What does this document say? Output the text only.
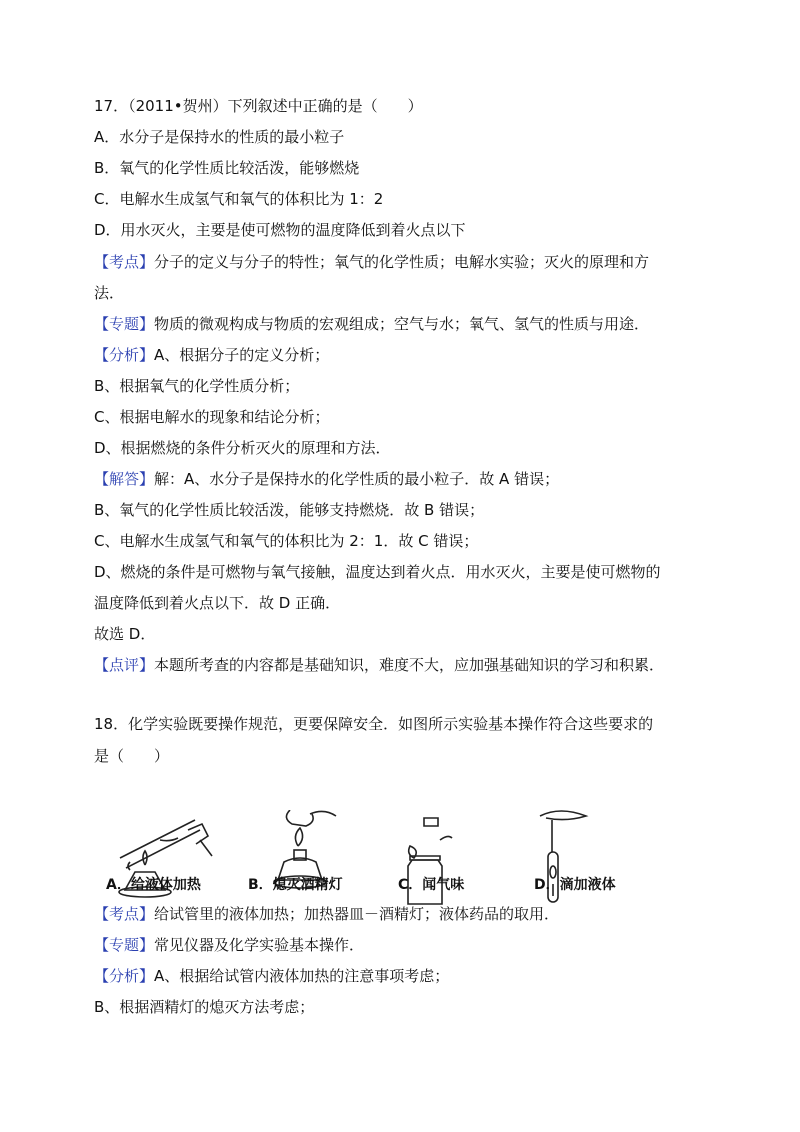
17．（2011•贺州）下列叙述中正确的是（　　）
A．水分子是保持水的性质的最小粒子
B．氧气的化学性质比较活泼，能够燃烧
C．电解水生成氢气和氧气的体积比为 1：2
D．用水灭火，主要是使可燃物的温度降低到着火点以下
【考点】分子的定义与分子的特性；氧气的化学性质；电解水实验；灭火的原理和方
法．
【专题】物质的微观构成与物质的宏观组成；空气与水；氧气、氢气的性质与用途．
【分析】A、根据分子的定义分析；
B、根据氧气的化学性质分析；
C、根据电解水的现象和结论分析；
D、根据燃烧的条件分析灭火的原理和方法．
【解答】解：A、水分子是保持水的化学性质的最小粒子．故 A 错误；
B、氧气的化学性质比较活泼，能够支持燃烧．故 B 错误；
C、电解水生成氢气和氧气的体积比为 2：1．故 C 错误；
D、燃烧的条件是可燃物与氧气接触，温度达到着火点．用水灭火，主要是使可燃物的
温度降低到着火点以下．故 D 正确．
故选 D．
【点评】本题所考查的内容都是基础知识，难度不大，应加强基础知识的学习和积累．
18．化学实验既要操作规范，更要保障安全．如图所示实验基本操作符合这些要求的
是（　　）
A．给液体加热	B．熄灭酒精灯	C．闻气味	D．滴加液体
【考点】给试管里的液体加热；加热器皿－酒精灯；液体药品的取用．
【专题】常见仪器及化学实验基本操作．
【分析】A、根据给试管内液体加热的注意事项考虑；
B、根据酒精灯的熄灭方法考虑；
